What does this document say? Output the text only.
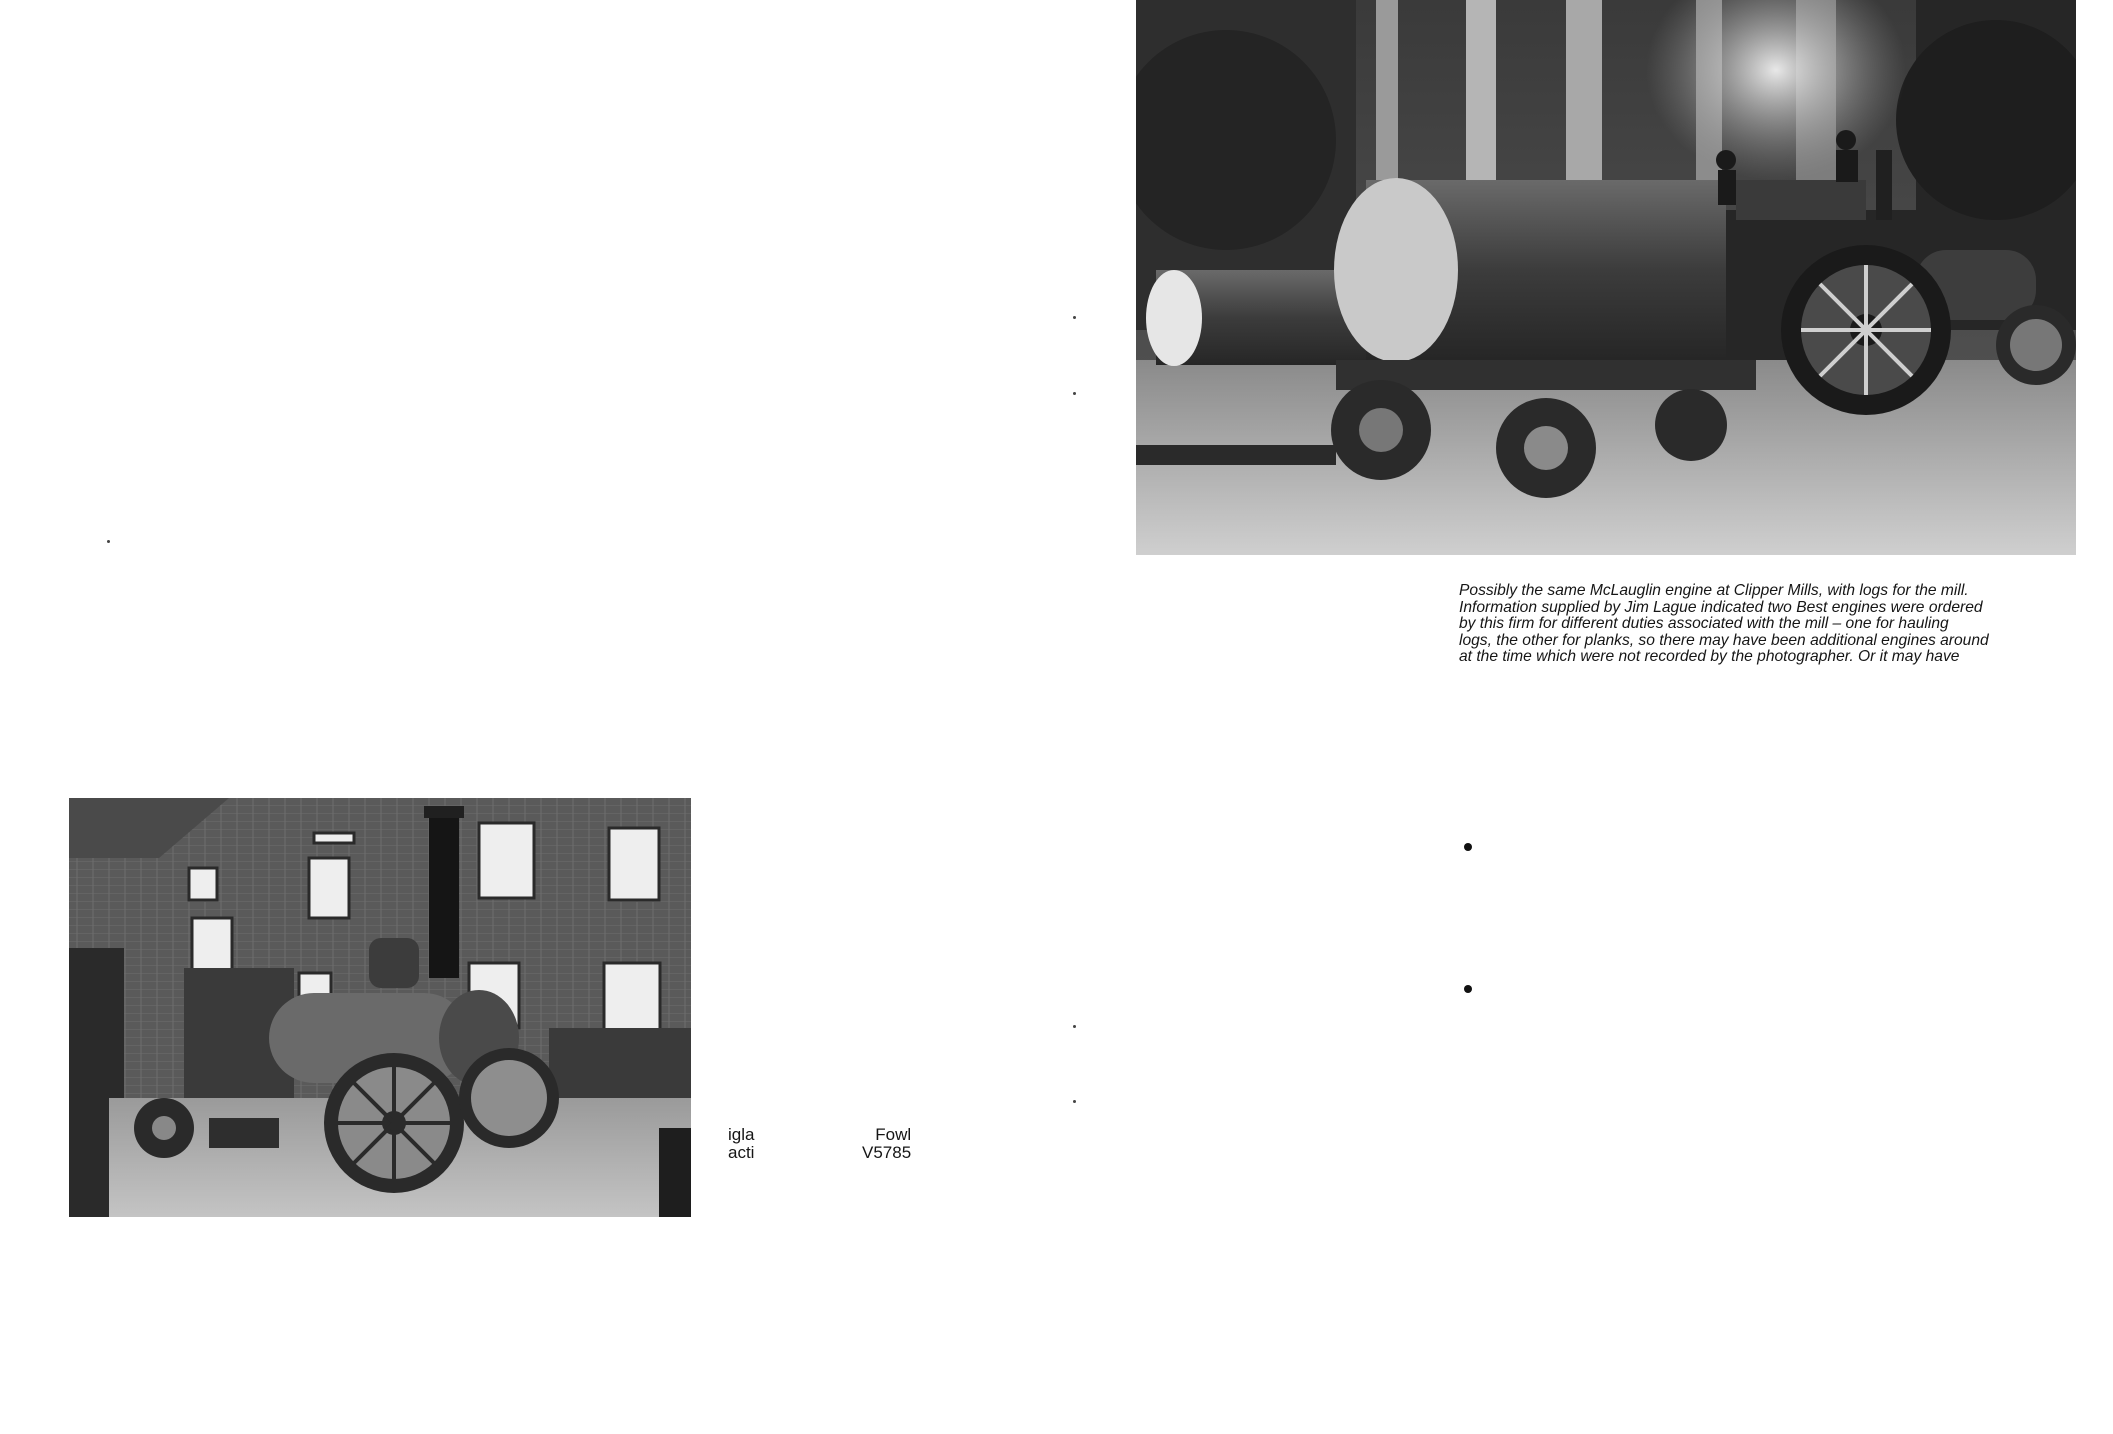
Possibly the same McLauglin engine at Clipper Mills, with logs for the mill.

Information supplied by Jim Lague indicated two Best engines were ordered

by this firm for different duties associated with the mill – one for hauling

logs, the other for planks, so there may have been additional engines around

at the time which were not recorded by the photographer. Or it may have

igla

acti

Fowl

V5785
